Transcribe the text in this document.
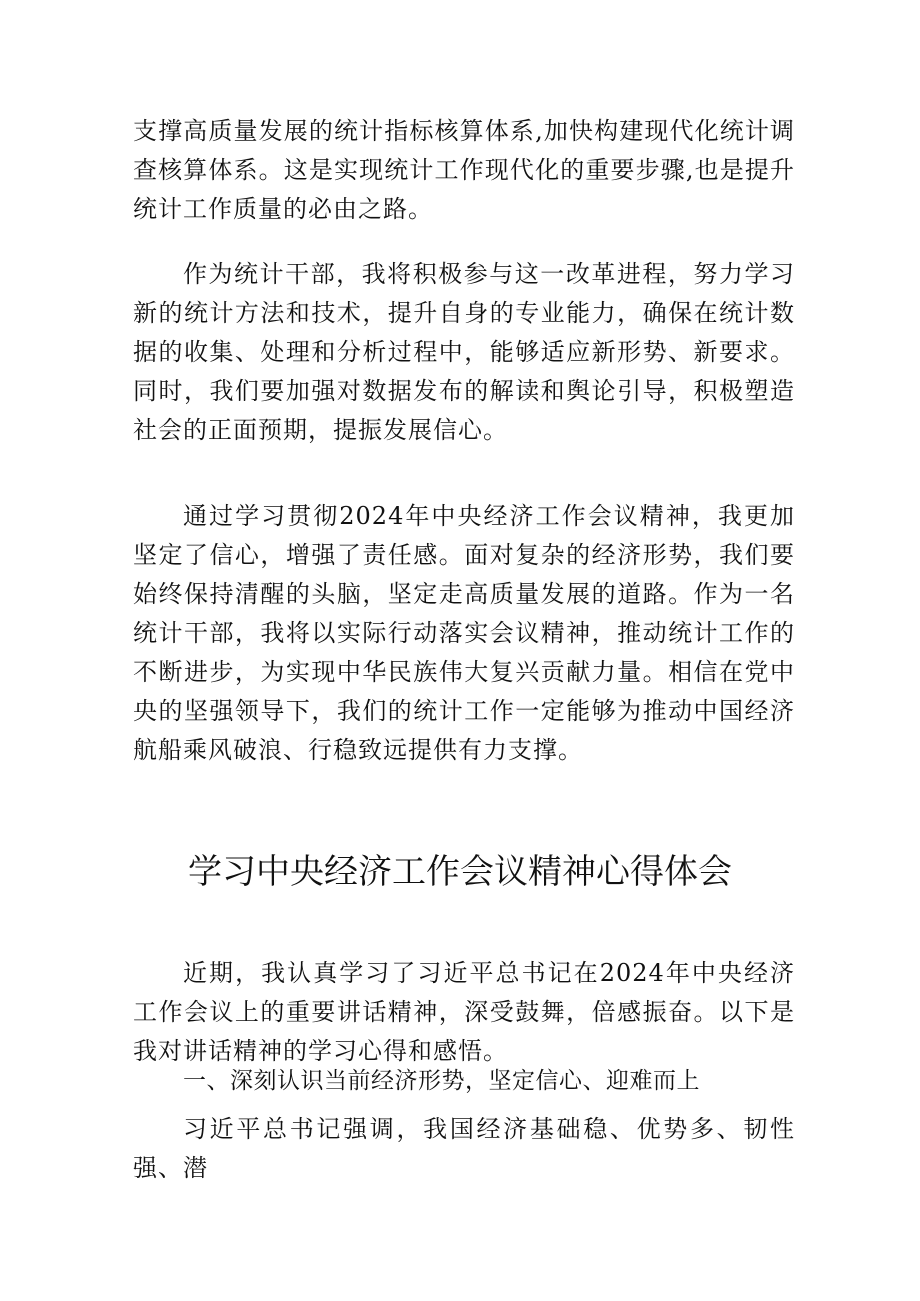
支撑高质量发展的统计指标核算体系,加快构建现代化统计调查核算体系。这是实现统计工作现代化的重要步骤,也是提升统计工作质量的必由之路。

作为统计干部，我将积极参与这一改革进程，努力学习新的统计方法和技术，提升自身的专业能力，确保在统计数据的收集、处理和分析过程中，能够适应新形势、新要求。同时，我们要加强对数据发布的解读和舆论引导，积极塑造社会的正面预期，提振发展信心。

通过学习贯彻2024年中央经济工作会议精神，我更加坚定了信心，增强了责任感。面对复杂的经济形势，我们要始终保持清醒的头脑，坚定走高质量发展的道路。作为一名统计干部，我将以实际行动落实会议精神，推动统计工作的不断进步，为实现中华民族伟大复兴贡献力量。相信在党中央的坚强领导下，我们的统计工作一定能够为推动中国经济航船乘风破浪、行稳致远提供有力支撑。

学习中央经济工作会议精神心得体会

近期，我认真学习了习近平总书记在2024年中央经济工作会议上的重要讲话精神，深受鼓舞，倍感振奋。以下是我对讲话精神的学习心得和感悟。

一、深刻认识当前经济形势，坚定信心、迎难而上

习近平总书记强调，我国经济基础稳、优势多、韧性强、潜
